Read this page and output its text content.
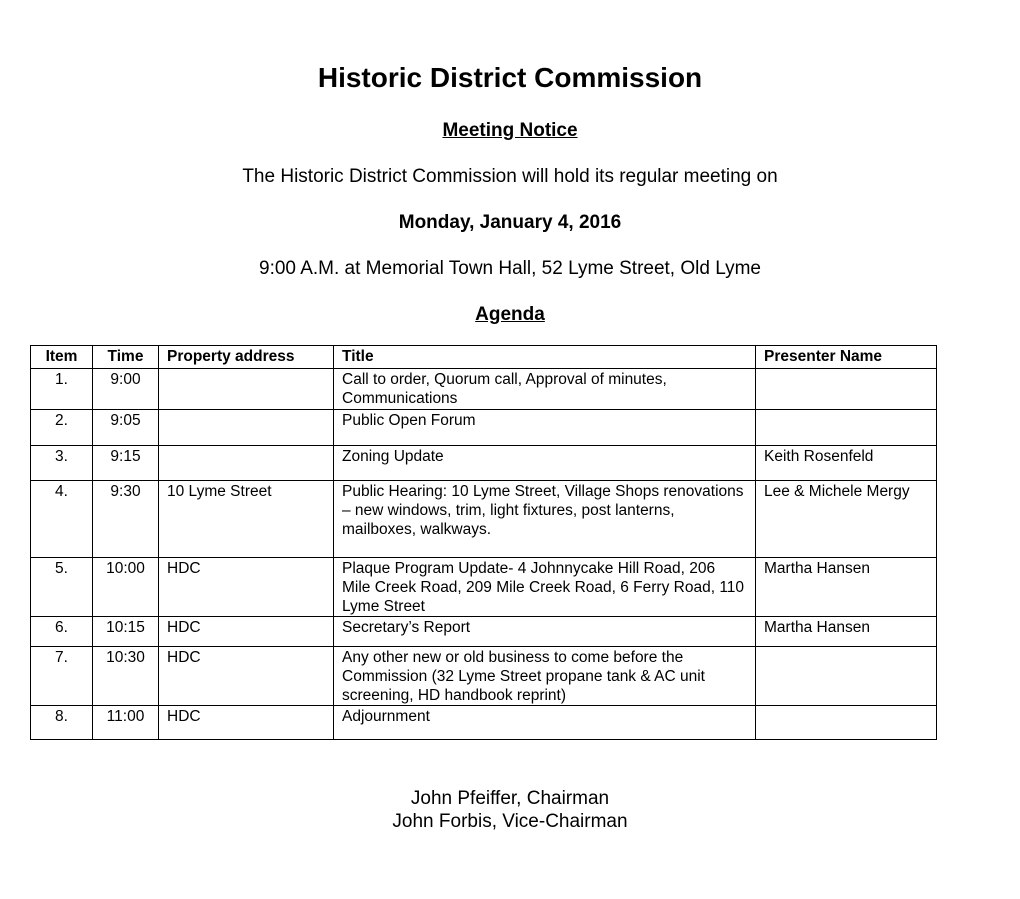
Historic District Commission
Meeting Notice
The Historic District Commission will hold its regular meeting on
Monday, January 4, 2016
9:00 A.M. at Memorial Town Hall, 52 Lyme Street, Old Lyme
Agenda
Item	Time	Property address	Title	Presenter Name
1.	9:00		Call to order, Quorum call, Approval of minutes, Communications	
2.	9:05		Public Open Forum	
3.	9:15		Zoning Update	Keith Rosenfeld
4.	9:30	10 Lyme Street	Public Hearing: 10 Lyme Street, Village Shops renovations – new windows, trim, light fixtures, post lanterns, mailboxes, walkways.	Lee & Michele Mergy
5.	10:00	HDC	Plaque Program Update- 4 Johnnycake Hill Road, 206 Mile Creek Road, 209 Mile Creek Road, 6 Ferry Road, 110 Lyme Street	Martha Hansen
6.	10:15	HDC	Secretary’s Report	Martha Hansen
7.	10:30	HDC	Any other new or old business to come before the Commission (32 Lyme Street propane tank & AC unit screening, HD handbook reprint)	
8.	11:00	HDC	Adjournment	
John Pfeiffer, Chairman
John Forbis, Vice-Chairman
